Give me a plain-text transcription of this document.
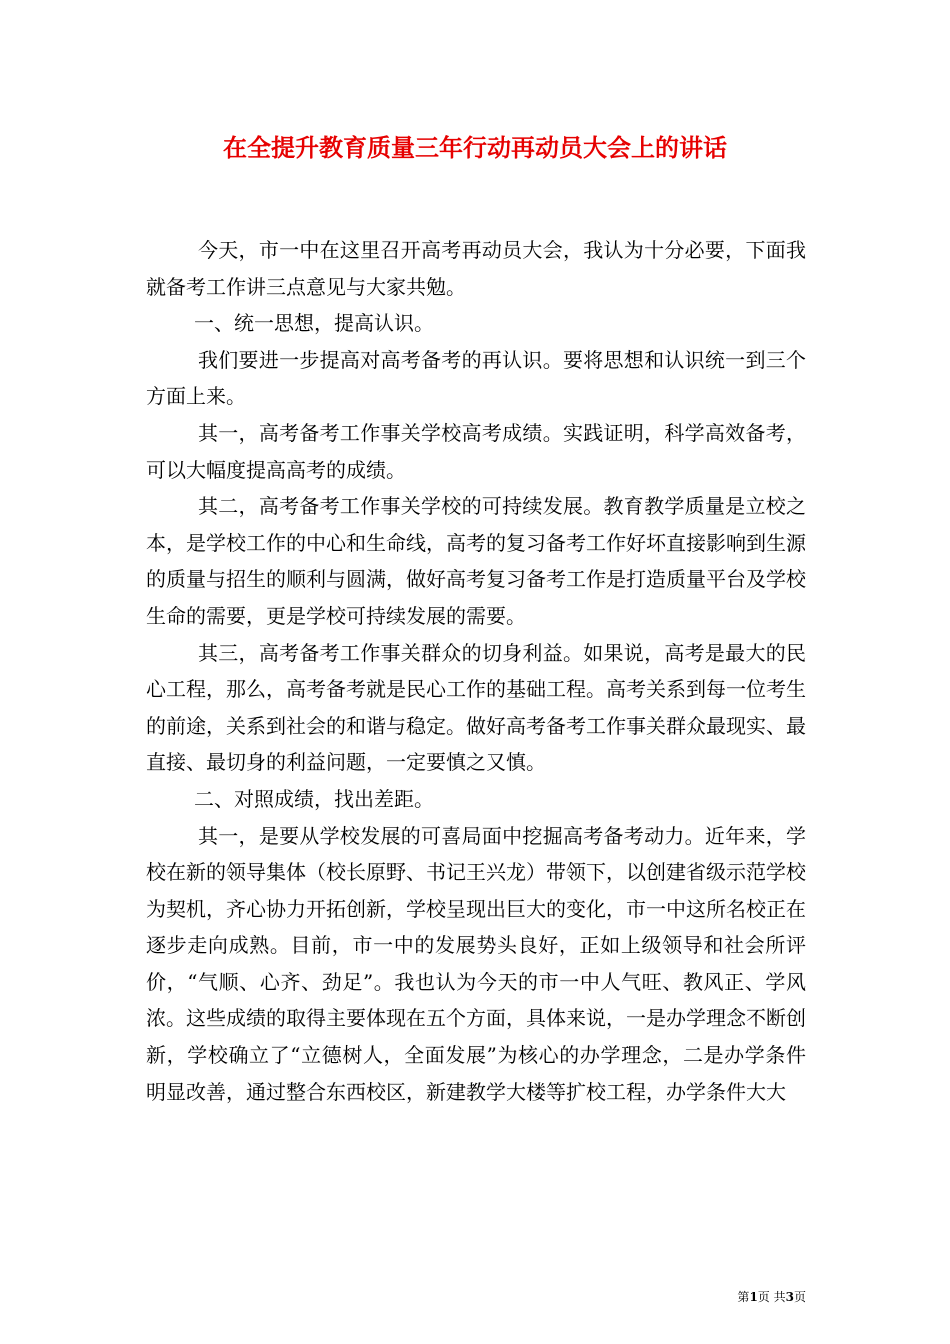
在全提升教育质量三年行动再动员大会上的讲话

今天，市一中在这里召开高考再动员大会，我认为十分必要，下面我就备考工作讲三点意见与大家共勉。

一、统一思想，提高认识。

我们要进一步提高对高考备考的再认识。要将思想和认识统一到三个方面上来。

其一，高考备考工作事关学校高考成绩。实践证明，科学高效备考，可以大幅度提高高考的成绩。

其二，高考备考工作事关学校的可持续发展。教育教学质量是立校之本，是学校工作的中心和生命线，高考的复习备考工作好坏直接影响到生源的质量与招生的顺利与圆满，做好高考复习备考工作是打造质量平台及学校生命的需要，更是学校可持续发展的需要。

其三，高考备考工作事关群众的切身利益。如果说，高考是最大的民心工程，那么，高考备考就是民心工作的基础工程。高考关系到每一位考生的前途，关系到社会的和谐与稳定。做好高考备考工作事关群众最现实、最直接、最切身的利益问题，一定要慎之又慎。

二、对照成绩，找出差距。

其一，是要从学校发展的可喜局面中挖掘高考备考动力。近年来，学校在新的领导集体（校长原野、书记王兴龙）带领下，以创建省级示范学校为契机，齐心协力开拓创新，学校呈现出巨大的变化，市一中这所名校正在逐步走向成熟。目前，市一中的发展势头良好，正如上级领导和社会所评价，“气顺、心齐、劲足”。我也认为今天的市一中人气旺、教风正、学风浓。这些成绩的取得主要体现在五个方面，具体来说，一是办学理念不断创新，学校确立了“立德树人，全面发展”为核心的办学理念，二是办学条件明显改善，通过整合东西校区，新建教学大楼等扩校工程，办学条件大大

第1页 共3页
